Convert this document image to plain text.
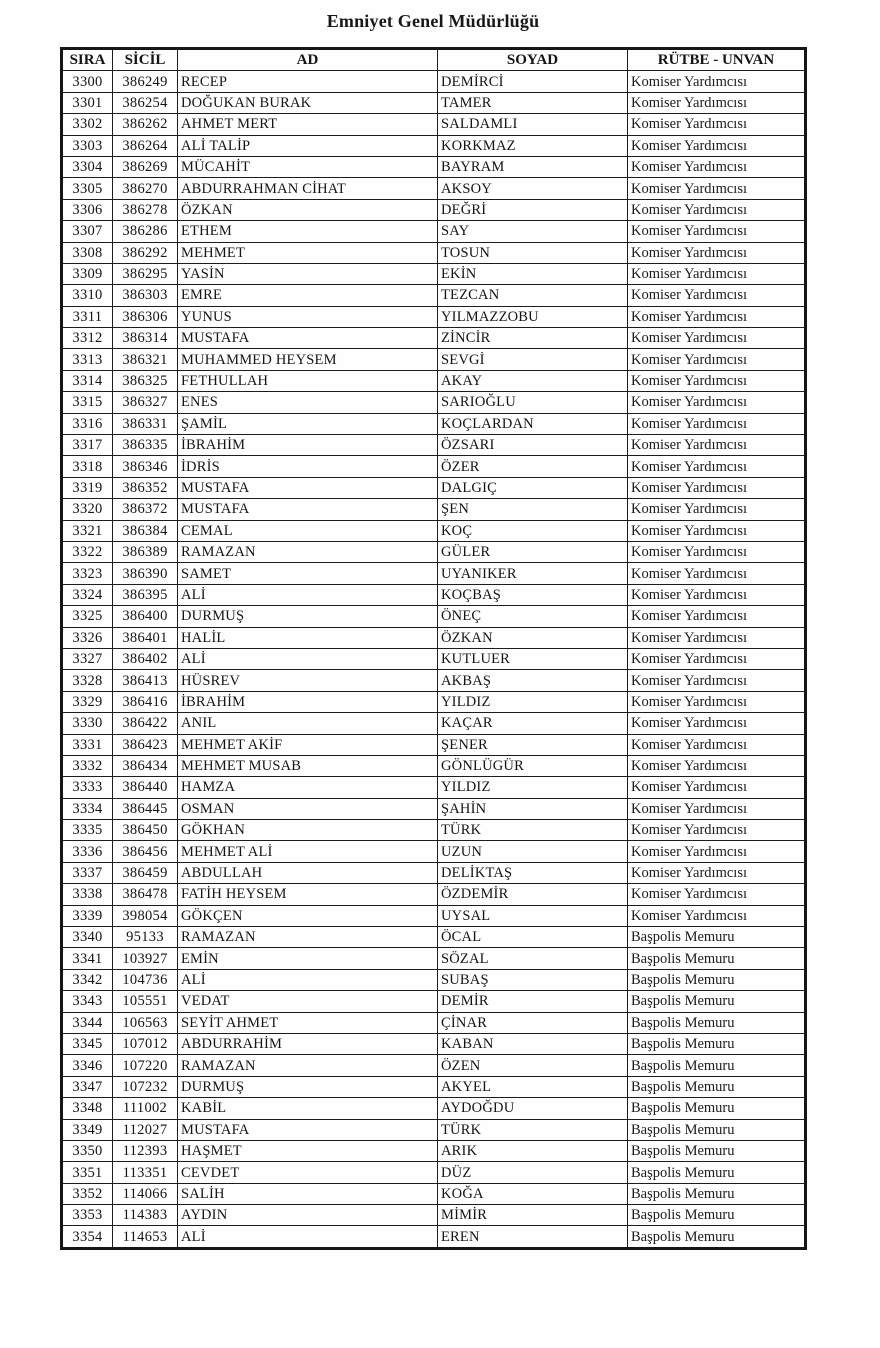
Emniyet Genel Müdürlüğü
SIRA	SİCİL	AD	SOYAD	RÜTBE - UNVAN
3300	386249	RECEP	DEMİRCİ	Komiser Yardımcısı
3301	386254	DOĞUKAN BURAK	TAMER	Komiser Yardımcısı
3302	386262	AHMET MERT	SALDAMLI	Komiser Yardımcısı
3303	386264	ALİ TALİP	KORKMAZ	Komiser Yardımcısı
3304	386269	MÜCAHİT	BAYRAM	Komiser Yardımcısı
3305	386270	ABDURRAHMAN CİHAT	AKSOY	Komiser Yardımcısı
3306	386278	ÖZKAN	DEĞRİ	Komiser Yardımcısı
3307	386286	ETHEM	SAY	Komiser Yardımcısı
3308	386292	MEHMET	TOSUN	Komiser Yardımcısı
3309	386295	YASİN	EKİN	Komiser Yardımcısı
3310	386303	EMRE	TEZCAN	Komiser Yardımcısı
3311	386306	YUNUS	YILMAZZOBU	Komiser Yardımcısı
3312	386314	MUSTAFA	ZİNCİR	Komiser Yardımcısı
3313	386321	MUHAMMED HEYSEM	SEVGİ	Komiser Yardımcısı
3314	386325	FETHULLAH	AKAY	Komiser Yardımcısı
3315	386327	ENES	SARIOĞLU	Komiser Yardımcısı
3316	386331	ŞAMİL	KOÇLARDAN	Komiser Yardımcısı
3317	386335	İBRAHİM	ÖZSARI	Komiser Yardımcısı
3318	386346	İDRİS	ÖZER	Komiser Yardımcısı
3319	386352	MUSTAFA	DALGIÇ	Komiser Yardımcısı
3320	386372	MUSTAFA	ŞEN	Komiser Yardımcısı
3321	386384	CEMAL	KOÇ	Komiser Yardımcısı
3322	386389	RAMAZAN	GÜLER	Komiser Yardımcısı
3323	386390	SAMET	UYANIKER	Komiser Yardımcısı
3324	386395	ALİ	KOÇBAŞ	Komiser Yardımcısı
3325	386400	DURMUŞ	ÖNEÇ	Komiser Yardımcısı
3326	386401	HALİL	ÖZKAN	Komiser Yardımcısı
3327	386402	ALİ	KUTLUER	Komiser Yardımcısı
3328	386413	HÜSREV	AKBAŞ	Komiser Yardımcısı
3329	386416	İBRAHİM	YILDIZ	Komiser Yardımcısı
3330	386422	ANIL	KAÇAR	Komiser Yardımcısı
3331	386423	MEHMET AKİF	ŞENER	Komiser Yardımcısı
3332	386434	MEHMET MUSAB	GÖNLÜGÜR	Komiser Yardımcısı
3333	386440	HAMZA	YILDIZ	Komiser Yardımcısı
3334	386445	OSMAN	ŞAHİN	Komiser Yardımcısı
3335	386450	GÖKHAN	TÜRK	Komiser Yardımcısı
3336	386456	MEHMET ALİ	UZUN	Komiser Yardımcısı
3337	386459	ABDULLAH	DELİKTAŞ	Komiser Yardımcısı
3338	386478	FATİH HEYSEM	ÖZDEMİR	Komiser Yardımcısı
3339	398054	GÖKÇEN	UYSAL	Komiser Yardımcısı
3340	95133	RAMAZAN	ÖCAL	Başpolis Memuru
3341	103927	EMİN	SÖZAL	Başpolis Memuru
3342	104736	ALİ	SUBAŞ	Başpolis Memuru
3343	105551	VEDAT	DEMİR	Başpolis Memuru
3344	106563	SEYİT AHMET	ÇİNAR	Başpolis Memuru
3345	107012	ABDURRAHİM	KABAN	Başpolis Memuru
3346	107220	RAMAZAN	ÖZEN	Başpolis Memuru
3347	107232	DURMUŞ	AKYEL	Başpolis Memuru
3348	111002	KABİL	AYDOĞDU	Başpolis Memuru
3349	112027	MUSTAFA	TÜRK	Başpolis Memuru
3350	112393	HAŞMET	ARIK	Başpolis Memuru
3351	113351	CEVDET	DÜZ	Başpolis Memuru
3352	114066	SALİH	KOĞA	Başpolis Memuru
3353	114383	AYDIN	MİMİR	Başpolis Memuru
3354	114653	ALİ	EREN	Başpolis Memuru
